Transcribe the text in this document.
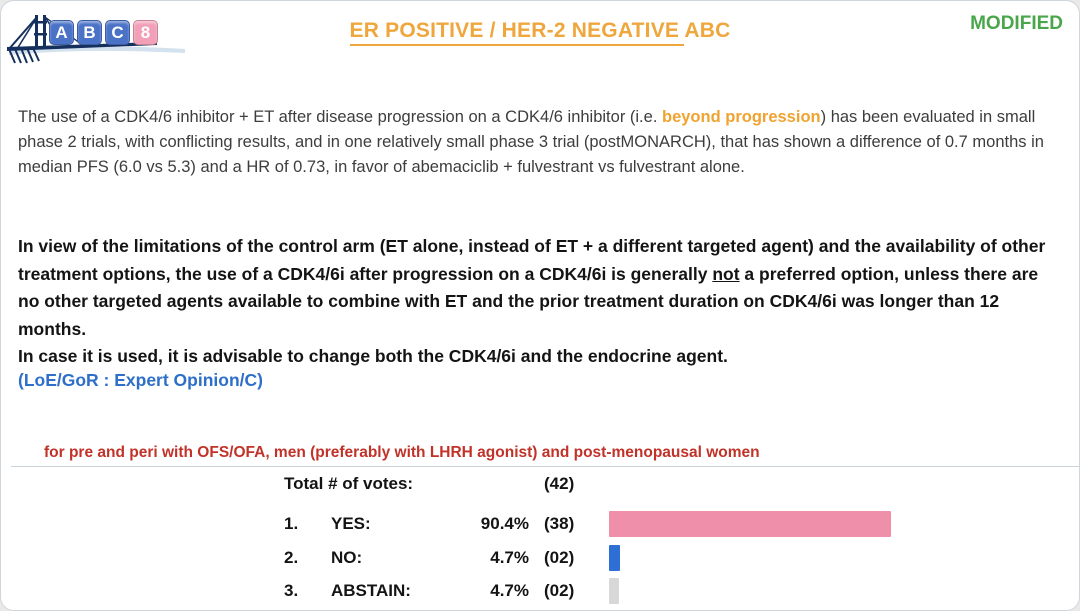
A B C	8	ER POSITIVE / HER-2 NEGATIVE ABC	MODIFIED
The use of a CDK4/6 inhibitor + ET after disease progression on a CDK4/6 inhibitor (i.e. beyond progression) has been evaluated in small phase 2 trials, with conflicting results, and in one relatively small phase 3 trial (postMONARCH), that has shown a difference of 0.7 months in median PFS (6.0 vs 5.3) and a HR of 0.73, in favor of abemaciclib + fulvestrant vs fulvestrant alone.
In view of the limitations of the control arm (ET alone, instead of ET + a different targeted agent) and the availability of other treatment options, the use of a CDK4/6i after progression on a CDK4/6i is generally not a preferred option, unless there are no other targeted agents available to combine with ET and the prior treatment duration on CDK4/6i was longer than 12 months.
In case it is used, it is advisable to change both the CDK4/6i and the endocrine agent.
(LoE/GoR : Expert Opinion/C)
for pre and peri with OFS/OFA, men (preferably with LHRH agonist) and post-menopausal women
Total # of votes:	(42)
1.	YES:	90.4% (38)
2.	NO:	4.7% (02)
3.	ABSTAIN:	4.7% (02)
